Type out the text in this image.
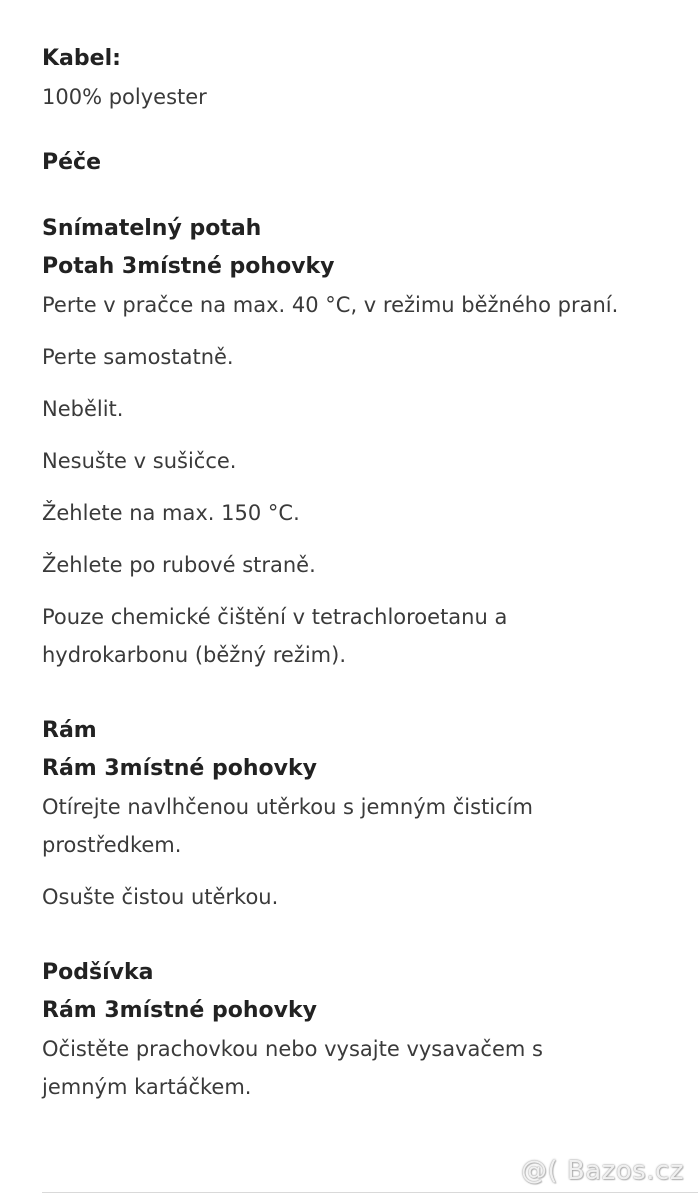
Kabel:
100% polyester
Péče
Snímatelný potah
Potah 3místné pohovky
Perte v pračce na max. 40 °C, v režimu běžného praní.
Perte samostatně.
Nebělit.
Nesušte v sušičce.
Žehlete na max. 150 °C.
Žehlete po rubové straně.
Pouze chemické čištění v tetrachloroetanu a hydrokarbonu (běžný režim).
Rám
Rám 3místné pohovky
Otírejte navlhčenou utěrkou s jemným čisticím prostředkem.
Osušte čistou utěrkou.
Podšívka
Rám 3místné pohovky
Očistěte prachovkou nebo vysajte vysavačem s jemným kartáčkem.
@( Bazos.cz
